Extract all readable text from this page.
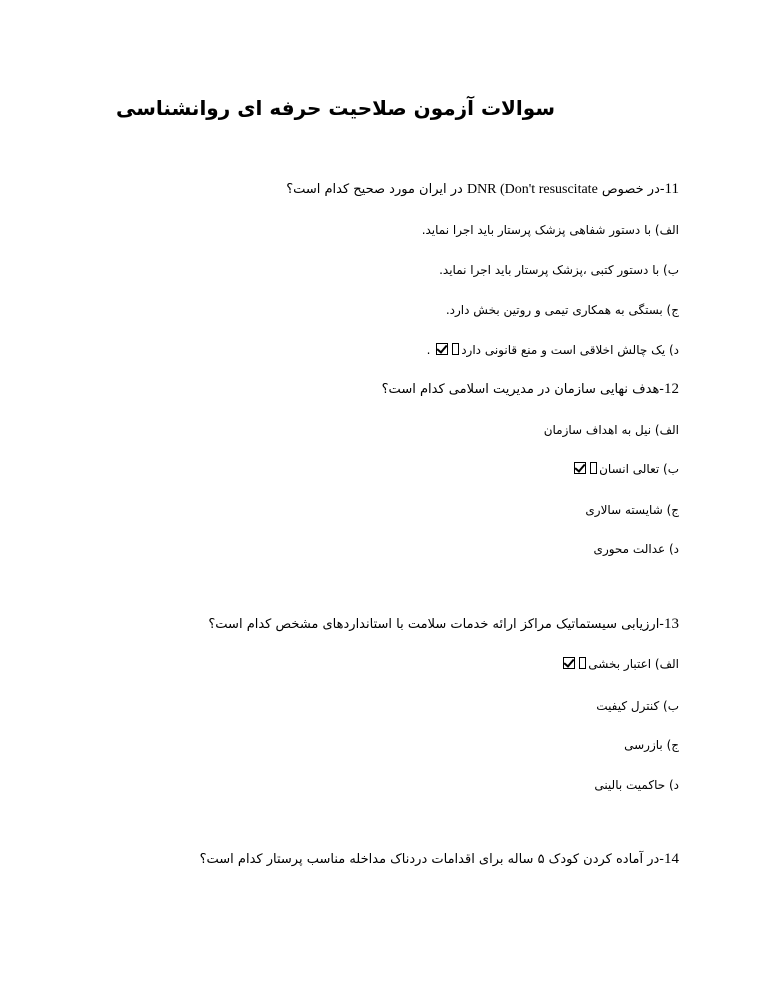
سوالات آزمون صلاحیت حرفه ای روانشناسی
11-در خصوص DNR (Don't resuscitate در ایران مورد صحیح کدام است؟
الف) با دستور شفاهی پزشک پرستار باید اجرا نماید.
ب) با دستور کتبی ،پزشک پرستار باید اجرا نماید.
ج) بستگی به همکاری تیمی و روتین بخش دارد.
د) یک چالش اخلاقی است و منع قانونی دارد .
12-هدف نهایی سازمان در مدیریت اسلامی کدام است؟
الف) نیل به اهداف سازمان
ب) تعالی انسان
ج) شایسته سالاری
د) عدالت محوری
13-ارزیابی سیستماتیک مراکز ارائه خدمات سلامت با استانداردهای مشخص کدام است؟
الف) اعتبار بخشی
ب) کنترل کیفیت
ج) بازرسی
د) حاکمیت بالینی
14-در آماده کردن کودک ۵ ساله برای اقدامات دردناک مداخله مناسب پرستار کدام است؟
